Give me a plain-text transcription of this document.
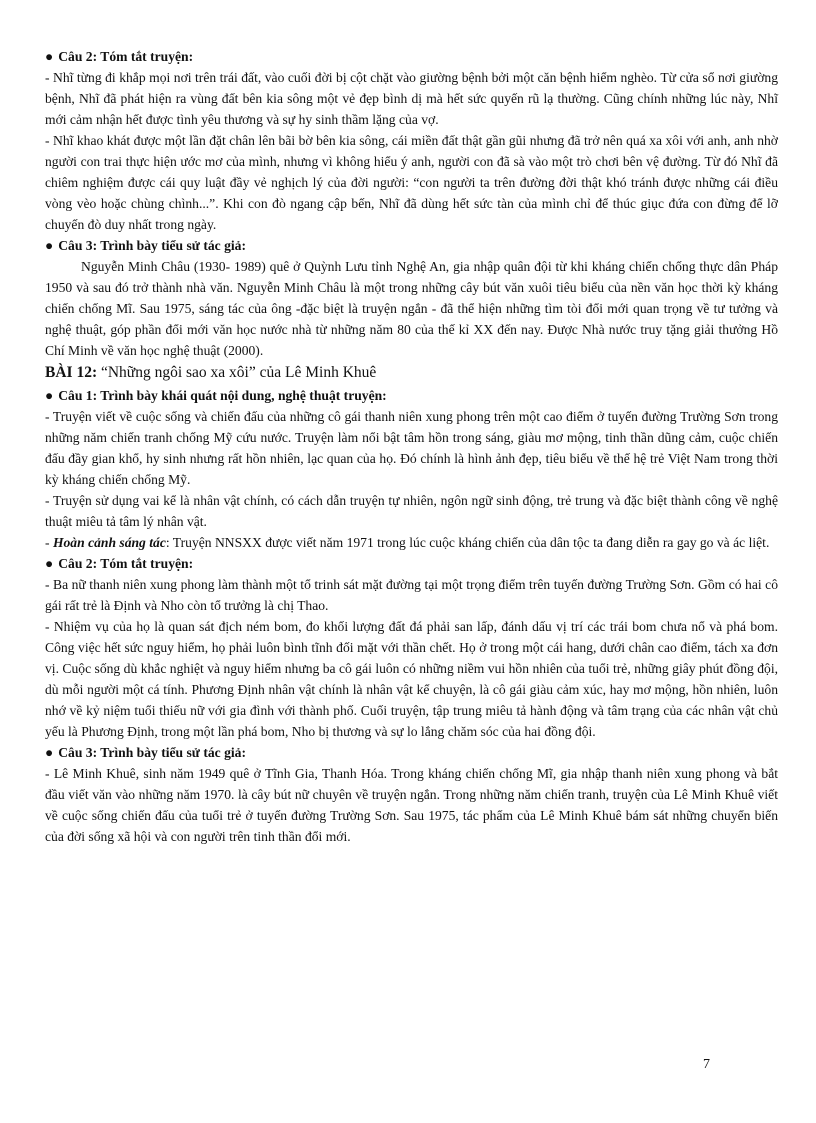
● Câu 2: Tóm tắt truyện:

- Nhĩ từng đi khắp mọi nơi trên trái đất, vào cuối đời bị cột chặt vào giường bệnh bởi một căn bệnh hiểm nghèo. Từ cửa sổ nơi giường bệnh, Nhĩ đã phát hiện ra vùng đất bên kia sông một vẻ đẹp bình dị mà hết sức quyến rũ lạ thường. Cũng chính những lúc này, Nhĩ mới cảm nhận hết được tình yêu thương và sự hy sinh thầm lặng của vợ.

- Nhĩ khao khát được một lần đặt chân lên bãi bờ bên kia sông, cái miền đất thật gần gũi nhưng đã trở nên quá xa xôi với anh, anh nhờ người con trai thực hiện ước mơ của mình, nhưng vì không hiểu ý anh, người con đã sà vào một trò chơi bên vệ đường. Từ đó Nhĩ đã chiêm nghiệm được cái quy luật đầy vẻ nghịch lý của đời người: “con người ta trên đường đời thật khó tránh được những cái điều vòng vèo hoặc chùng chình...”. Khi con đò ngang cập bến, Nhĩ đã dùng hết sức tàn của mình chỉ để thúc giục đứa con đừng để lỡ chuyến đò duy nhất trong ngày.

● Câu 3: Trình bày tiểu sử tác giả:

Nguyễn Minh Châu (1930- 1989) quê ở Quỳnh Lưu tỉnh Nghệ An, gia nhập quân đội từ khi kháng chiến chống thực dân Pháp 1950 và sau đó trở thành nhà văn. Nguyễn Minh Châu là một trong những cây bút văn xuôi tiêu biểu của nền văn học thời kỳ kháng chiến chống Mĩ. Sau 1975, sáng tác của ông -đặc biệt là truyện ngắn - đã thể hiện những tìm tòi đổi mới quan trọng về tư tưởng và nghệ thuật, góp phần đổi mới văn học nước nhà từ những năm 80 của thế kỉ XX đến nay. Được Nhà nước truy tặng giải thưởng Hồ Chí Minh về văn học nghệ thuật (2000).

BÀI 12: “Những ngôi sao xa xôi” của Lê Minh Khuê

● Câu 1: Trình bày khái quát nội dung, nghệ thuật truyện:

- Truyện viết về cuộc sống và chiến đấu của những cô gái thanh niên xung phong trên một cao điểm ở tuyến đường Trường Sơn trong những năm chiến tranh chống Mỹ cứu nước. Truyện làm nổi bật tâm hồn trong sáng, giàu mơ mộng, tinh thần dũng cảm, cuộc chiến đấu đầy gian khổ, hy sinh nhưng rất hồn nhiên, lạc quan của họ. Đó chính là hình ảnh đẹp, tiêu biểu về thế hệ trẻ Việt Nam trong thời kỳ kháng chiến chống Mỹ.

- Truyện sử dụng vai kể là nhân vật chính, có cách dẫn truyện tự nhiên, ngôn ngữ sinh động, trẻ trung và đặc biệt thành công về nghệ thuật miêu tả tâm lý nhân vật.

- Hoàn cảnh sáng tác: Truyện NNSXX được viết năm 1971 trong lúc cuộc kháng chiến của dân tộc ta đang diễn ra gay go và ác liệt.

● Câu 2: Tóm tắt truyện:

- Ba nữ thanh niên xung phong làm thành một tổ trinh sát mặt đường tại một trọng điểm trên tuyến đường Trường Sơn. Gồm có hai cô gái rất trẻ là Định và Nho còn tổ trưởng là chị Thao.

- Nhiệm vụ của họ là quan sát địch ném bom, đo khối lượng đất đá phải san lấp, đánh dấu vị trí các trái bom chưa nổ và phá bom. Công việc hết sức nguy hiểm, họ phải luôn bình tĩnh đối mặt với thần chết. Họ ở trong một cái hang, dưới chân cao điểm, tách xa đơn vị. Cuộc sống dù khắc nghiệt và nguy hiểm nhưng ba cô gái luôn có những niềm vui hồn nhiên của tuổi trẻ, những giây phút đồng đội, dù mỗi người một cá tính. Phương Định nhân vật chính là nhân vật kể chuyện, là cô gái giàu cảm xúc, hay mơ mộng, hồn nhiên, luôn nhớ về kỷ niệm tuổi thiếu nữ với gia đình với thành phố. Cuối truyện, tập trung miêu tả hành động và tâm trạng của các nhân vật chủ yếu là Phương Định, trong một lần phá bom, Nho bị thương và sự lo lắng chăm sóc của hai đồng đội.

● Câu 3: Trình bày tiểu sử tác giả:

- Lê Minh Khuê, sinh năm 1949 quê ở Tĩnh Gia, Thanh Hóa. Trong kháng chiến chống Mĩ, gia nhập thanh niên xung phong và bắt đầu viết văn vào những năm 1970. là cây bút nữ chuyên về truyện ngắn. Trong những năm chiến tranh, truyện của Lê Minh Khuê viết về cuộc sống chiến đấu của tuổi trẻ ở tuyến đường Trường Sơn. Sau 1975, tác phẩm của Lê Minh Khuê bám sát những chuyển biến của đời sống xã hội và con người trên tinh thần đổi mới.

7
